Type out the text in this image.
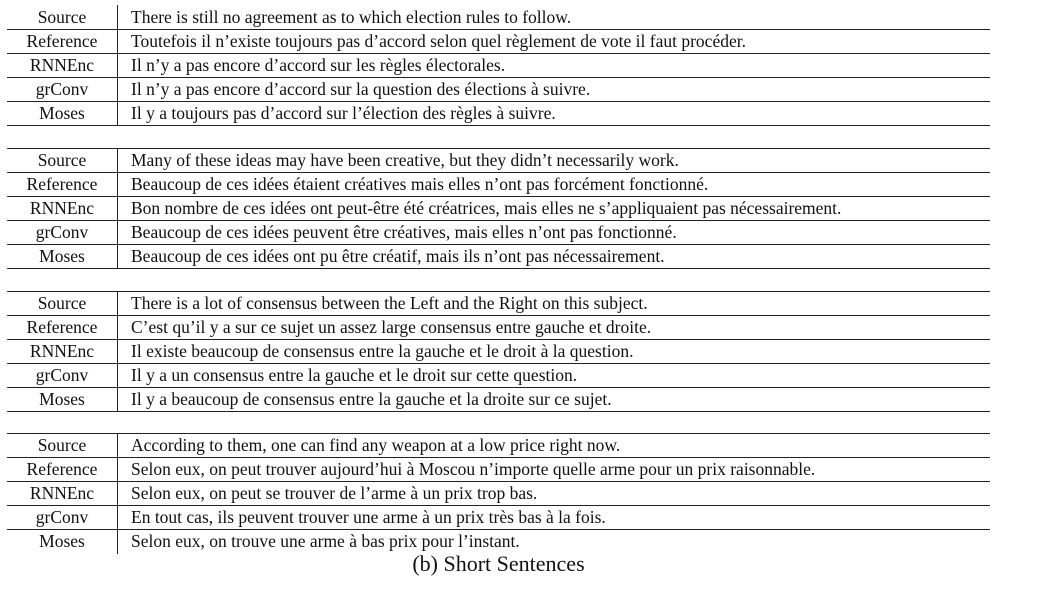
Source	There is still no agreement as to which election rules to follow.
Reference	Toutefois il n’existe toujours pas d’accord selon quel règlement de vote il faut procéder.
RNNEnc	Il n’y a pas encore d’accord sur les règles électorales.
grConv	Il n’y a pas encore d’accord sur la question des élections à suivre.
Moses	Il y a toujours pas d’accord sur l’élection des règles à suivre.
Source	Many of these ideas may have been creative, but they didn’t necessarily work.
Reference	Beaucoup de ces idées étaient créatives mais elles n’ont pas forcément fonctionné.
RNNEnc	Bon nombre de ces idées ont peut-être été créatrices, mais elles ne s’appliquaient pas nécessairement.
grConv	Beaucoup de ces idées peuvent être créatives, mais elles n’ont pas fonctionné.
Moses	Beaucoup de ces idées ont pu être créatif, mais ils n’ont pas nécessairement.
Source	There is a lot of consensus between the Left and the Right on this subject.
Reference	C’est qu’il y a sur ce sujet un assez large consensus entre gauche et droite.
RNNEnc	Il existe beaucoup de consensus entre la gauche et le droit à la question.
grConv	Il y a un consensus entre la gauche et le droit sur cette question.
Moses	Il y a beaucoup de consensus entre la gauche et la droite sur ce sujet.
Source	According to them, one can find any weapon at a low price right now.
Reference	Selon eux, on peut trouver aujourd’hui à Moscou n’importe quelle arme pour un prix raisonnable.
RNNEnc	Selon eux, on peut se trouver de l’arme à un prix trop bas.
grConv	En tout cas, ils peuvent trouver une arme à un prix très bas à la fois.
Moses	Selon eux, on trouve une arme à bas prix pour l’instant.
(b) Short Sentences
